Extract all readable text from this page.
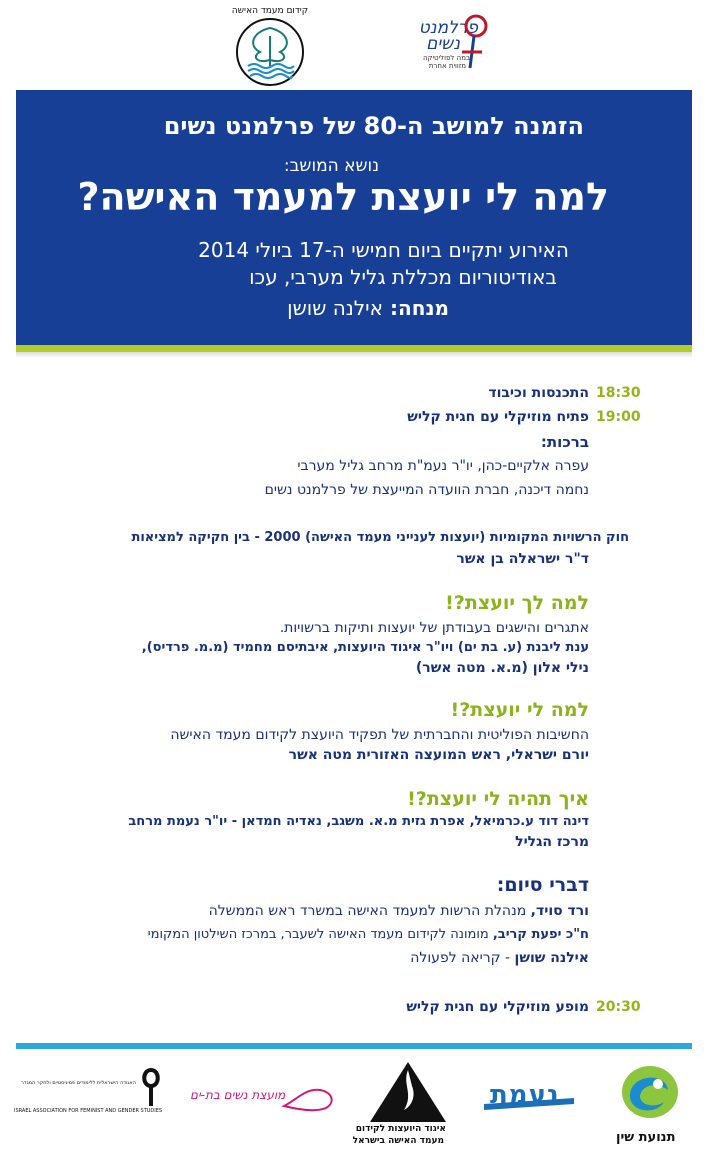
קידום מעמד האישה
פרלמנט
נשים
במה לפוליטיקה
מזווית אחרת
הזמנה למושב ה-80 של פרלמנט נשים
נושא המושב:
למה לי יועצת למעמד האישה?
האירוע יתקיים ביום חמישי ה-17 ביולי 2014
באודיטוריום מכללת גליל מערבי, עכו
מנחה: אילנה שושן
18:30
התכנסות וכיבוד
19:00
פתיח מוזיקלי עם חגית קליש
ברכות:
עפרה אלקיים-כהן, יו"ר נעמ"ת מרחב גליל מערבי
נחמה דיכנה, חברת הוועדה המייעצת של פרלמנט נשים
חוק הרשויות המקומיות (יועצות לענייני מעמד האישה) 2000 - בין חקיקה למציאות
ד"ר ישראלה בן אשר
למה לך יועצת?!
אתגרים והישגים בעבודתן של יועצות ותיקות ברשויות.
ענת ליבנת (ע. בת ים) ויו"ר איגוד היועצות, איבתיסם מחמיד (מ.מ. פרדיס),
נילי אלון (מ.א. מטה אשר)
למה לי יועצת?!
החשיבות הפוליטית והחברתית של תפקיד היועצת לקידום מעמד האישה
יורם ישראלי, ראש המועצה האזורית מטה אשר
איך תהיה לי יועצת?!
דינה דוד ע.כרמיאל, אפרת גזית מ.א. משגב, נאדיה חמדאן - יו"ר נעמת מרחב
מרכז הגליל
דברי סיום:
ורד סויד, מנהלת הרשות למעמד האישה במשרד ראש הממשלה
ח"כ יפעת קריב, מומונה לקידום מעמד האישה לשעבר, במרכז השילטון המקומי
אילנה שושן - קריאה לפעולה
20:30
מופע מוזיקלי עם חגית קליש
תנועת שין
נעמת
איגוד היועצות לקידום
מעמד האישה בישראל
מועצת נשים בת-ים
האגודה הישראלית ללימודים פמיניסטיים ולחקר המגדר
ISRAEL ASSOCIATION FOR FEMINIST AND GENDER STUDIES
